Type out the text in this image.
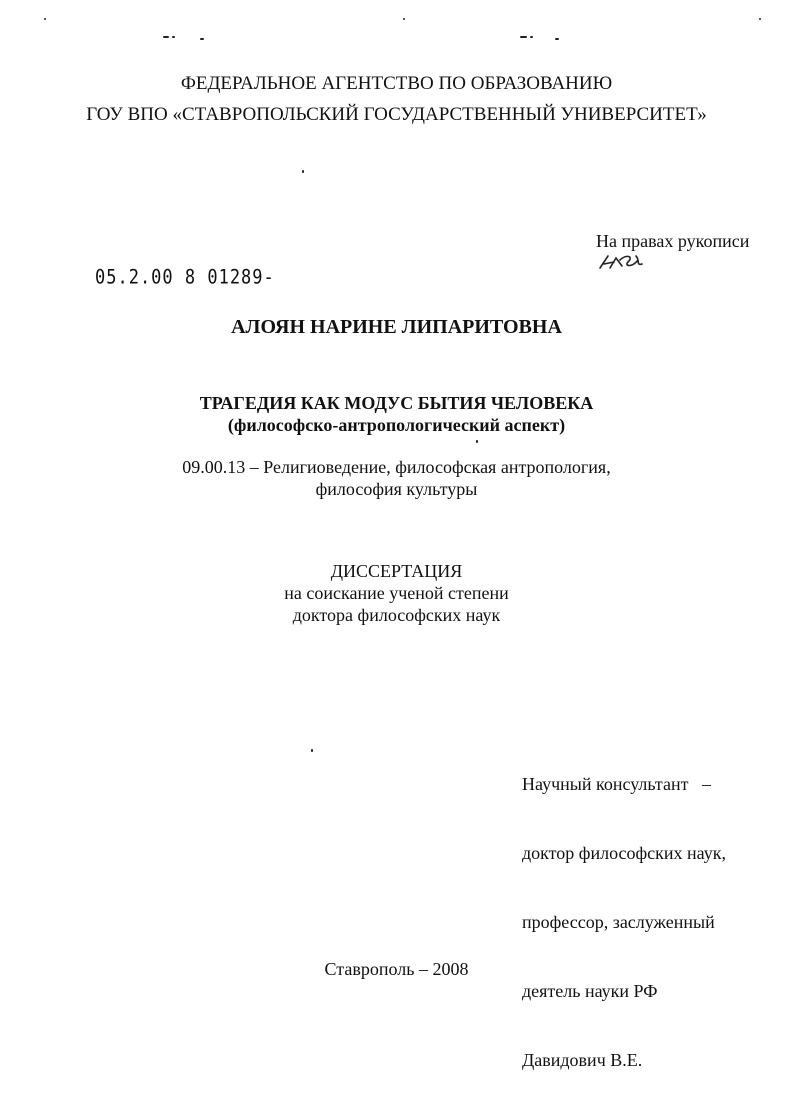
ФЕДЕРАЛЬНОЕ АГЕНТСТВО ПО ОБРАЗОВАНИЮ
ГОУ ВПО «СТАВРОПОЛЬСКИЙ ГОСУДАРСТВЕННЫЙ УНИВЕРСИТЕТ»
На правах рукописи
05.2.00 8 01289-
АЛОЯН НАРИНЕ ЛИПАРИТОВНА
ТРАГЕДИЯ КАК МОДУС БЫТИЯ ЧЕЛОВЕКА
(философско-антропологический аспект)
09.00.13 – Религиоведение, философская антропология,
философия культуры
ДИССЕРТАЦИЯ
на соискание ученой степени
доктора философских наук

Научный консультант   –

доктор философских наук,

профессор, заслуженный

деятель науки РФ

Давидович В.Е.

Ставрополь – 2008
